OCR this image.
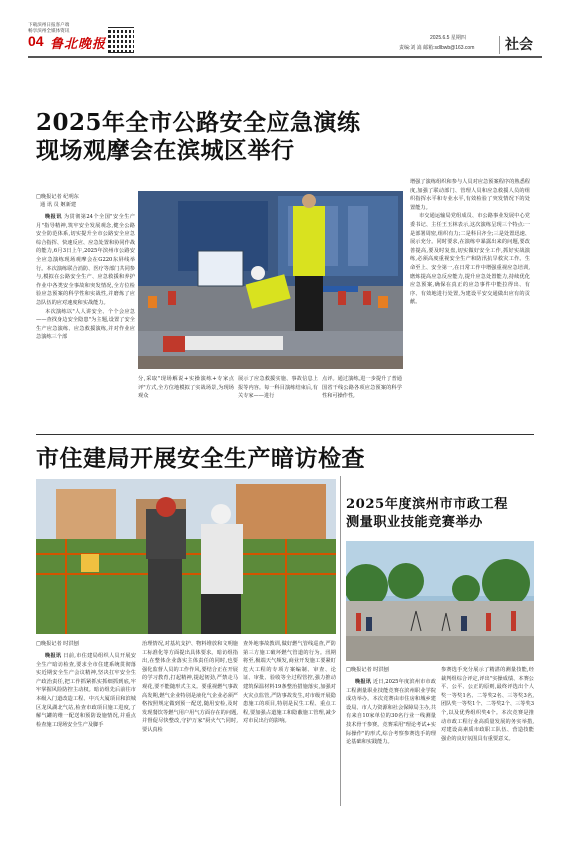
下载滨州日报客户端
畅享滨州全媒体资讯
04 鲁北晚报	2025.6.5 星期四
责编:刘 嵩 邮箱:sdlbwb@163.com 社会
2025年全市公路安全应急演练
现场观摩会在滨城区举行
□晚报记者 纪明东
通 讯 员 姬新建

晚报讯 为贯彻第24个全国"安全生产月"指导精神,筑牢安全发展观念,健全公路安全防范体系,切实提升全市公路安全应急综合指挥、快速反应、应急处置和协同作战的能力,6月3日上午,2025年滨州市公路安全应急演练现场观摩会在G220东屏线举行。本次演练联合消防、医疗等部门共同参与,模拟在公路安全生产、应急救援和养护作业中各类安全事故和突发情况,全方位检验应急预案的科学性和实战性,并磨炼了应急队伍的应对速度和实战能力。

本次演练以"人人讲安全、个个会应急——查找身边安全隐患"为主题,设置了安全生产应急演练、应急救援演练,并对作业应急演练三个部

分,采取"现场解说+实操演练+专家点评"方式,全方位地模拟了实战场景,为现场观众

展示了应急救援实施、事故信息上报等内容。每一科目演练结束后,有关专家——进行

点评。通过演练,进一步提升了普通国省干线公路各项应急预案的科学性和可操作性,

增强了演练组织和参与人员对应急预案程序的熟悉程度,加强了联动部门、管理人员和应急救援人员的组织指挥水平和专业水平,有效检验了突发情况下的处置能力。

市交通运输局党组成员、市公路事业发展中心党委书记、主任王玉林表示,这次演练呈现三个特点:一是部署周密,组织有力;二是科目齐全;三是处置迅速、展示充分。同时要求,在演练中暴露出来的问题,要改善提高,要及时复盘,切实做好安全工作,抓好实战演练,必须高度重视安全生产和防汛抗旱救灾工作。生命至上、安全第一,在日常工作中增强重视应急培训,磨炼提高应急反应能力,提升应急处置能力,持续优化应急预案,确保在真正的应急事件中能拉得出、有序、有效地进行处置,为建设平安交通做出应有的贡献。

市住建局开展安全生产暗访检查
□晚报记者 时洪刨

晚报讯 日前,市住建局组织人员开展安全生产暗访检查,要求全市住建系统贯彻落实近期安全生产会议精神,坚决扛牢安全生产政治责任,把工作抓紧抓实抓细抓到底,牢牢掌握风险防控主动权。暗访组先后前往市本级入门道改造工程、中兴大厦项目和滨城区龙凤湖北气站,检查市政项目施工进度,了解气罐的维一配送和预防设施情况,并重点检查施工现场安全生产及脚手

治理情况,对基坑支护、物料堆放和文明施工标准化等方面提出具体要求。暗访组指出,在整体企业落实主体责任的同时,也要强化监督人员的工作作风,要结合正在开展的学习教育,打起精神,提起韧劲,严禁走马观花,要不能随形式主义。要重视燃气事故高发期,燃气企业特别是液化气企业必须严格按照规定做到预一配送,随用安检,及时发现餐饮等燃气用户用气方面存在的问题,并督促尽快整改,守护万家"厨火气";同时,要认真检

查外地事故教训,做好燃气管线巡查,严防第三方施工破坏燃气管道的行为。汛期将至,极端天气频发,商业开发施工要紧盯危大工程的专项方案编制、审查、论证、审批、验收等全过程管控,强力推动建筑保温材料19条整治措施落实,加强对火灾点监管,严防事故发生,对市级开展隐患施工的项目,特别是民生工程、重点工程,要加强占道施工和隐蔽施工管理,减少对市民出行的影响。

2025年度滨州市市政工程
测量职业技能竞赛举办
□晚报记者 时洪刨

晚报讯 近日,2025年度滨州市市政工程测量职业技能竞赛在滨州职业学院成功举办。本次竞赛由市住房和城乡建设局、市人力资源和社会保障局主办,共有来自10家单位的30名行业一线测量技术骨干参赛。竞赛采用"理论考试+实际操作"的形式,综合考察参赛选手的理论基础和实践能力。

参赛选手充分展示了精湛的测量技能,经裁判组综合评定,评出"实操成绩、本赛公平、公平、公正的原则,最终评选出个人奖一等奖1名、二等奖2名、三等奖3名,团队奖一等奖1个、二等奖2个、三等奖3个,以及优秀组织奖4个。本次竞赛是推动市政工程行业高质量发展的务实举措,对建设高素质市政职工队伍、营造技能强企的良好氛围具有重要意义。
